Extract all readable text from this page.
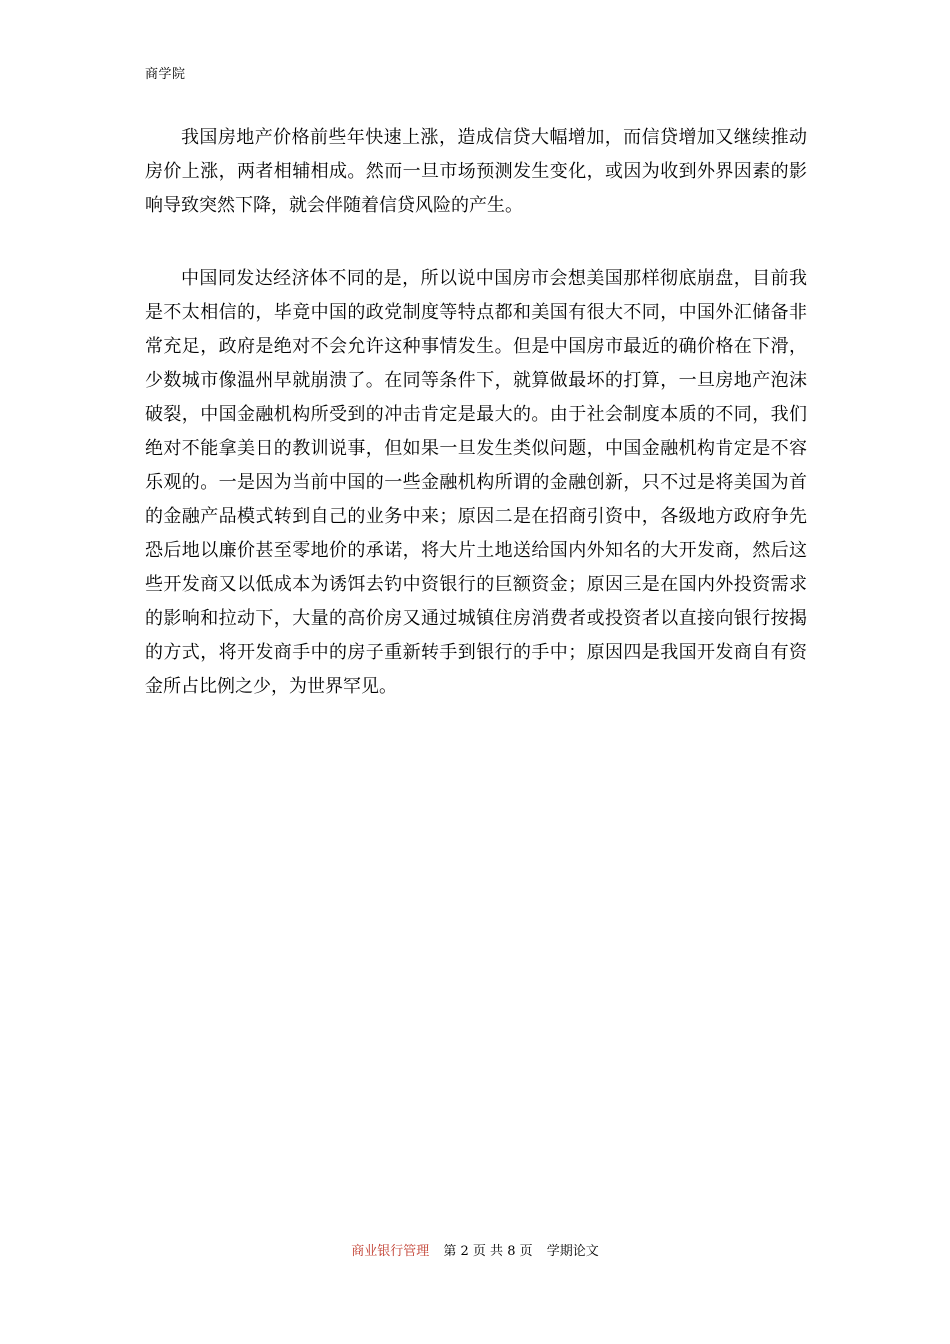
商学院

我国房地产价格前些年快速上涨，造成信贷大幅增加，而信贷增加又继续推动房价上涨，两者相辅相成。然而一旦市场预测发生变化，或因为收到外界因素的影响导致突然下降，就会伴随着信贷风险的产生。

中国同发达经济体不同的是，所以说中国房市会想美国那样彻底崩盘，目前我是不太相信的，毕竟中国的政党制度等特点都和美国有很大不同，中国外汇储备非常充足，政府是绝对不会允许这种事情发生。但是中国房市最近的确价格在下滑，少数城市像温州早就崩溃了。在同等条件下，就算做最坏的打算，一旦房地产泡沫破裂，中国金融机构所受到的冲击肯定是最大的。由于社会制度本质的不同，我们绝对不能拿美日的教训说事，但如果一旦发生类似问题，中国金融机构肯定是不容乐观的。一是因为当前中国的一些金融机构所谓的金融创新，只不过是将美国为首的金融产品模式转到自己的业务中来；原因二是在招商引资中，各级地方政府争先恐后地以廉价甚至零地价的承诺，将大片土地送给国内外知名的大开发商，然后这些开发商又以低成本为诱饵去钓中资银行的巨额资金；原因三是在国内外投资需求的影响和拉动下，大量的高价房又通过城镇住房消费者或投资者以直接向银行按揭的方式，将开发商手中的房子重新转手到银行的手中；原因四是我国开发商自有资金所占比例之少，为世界罕见。

商业银行管理 第 2 页 共 8 页 学期论文
